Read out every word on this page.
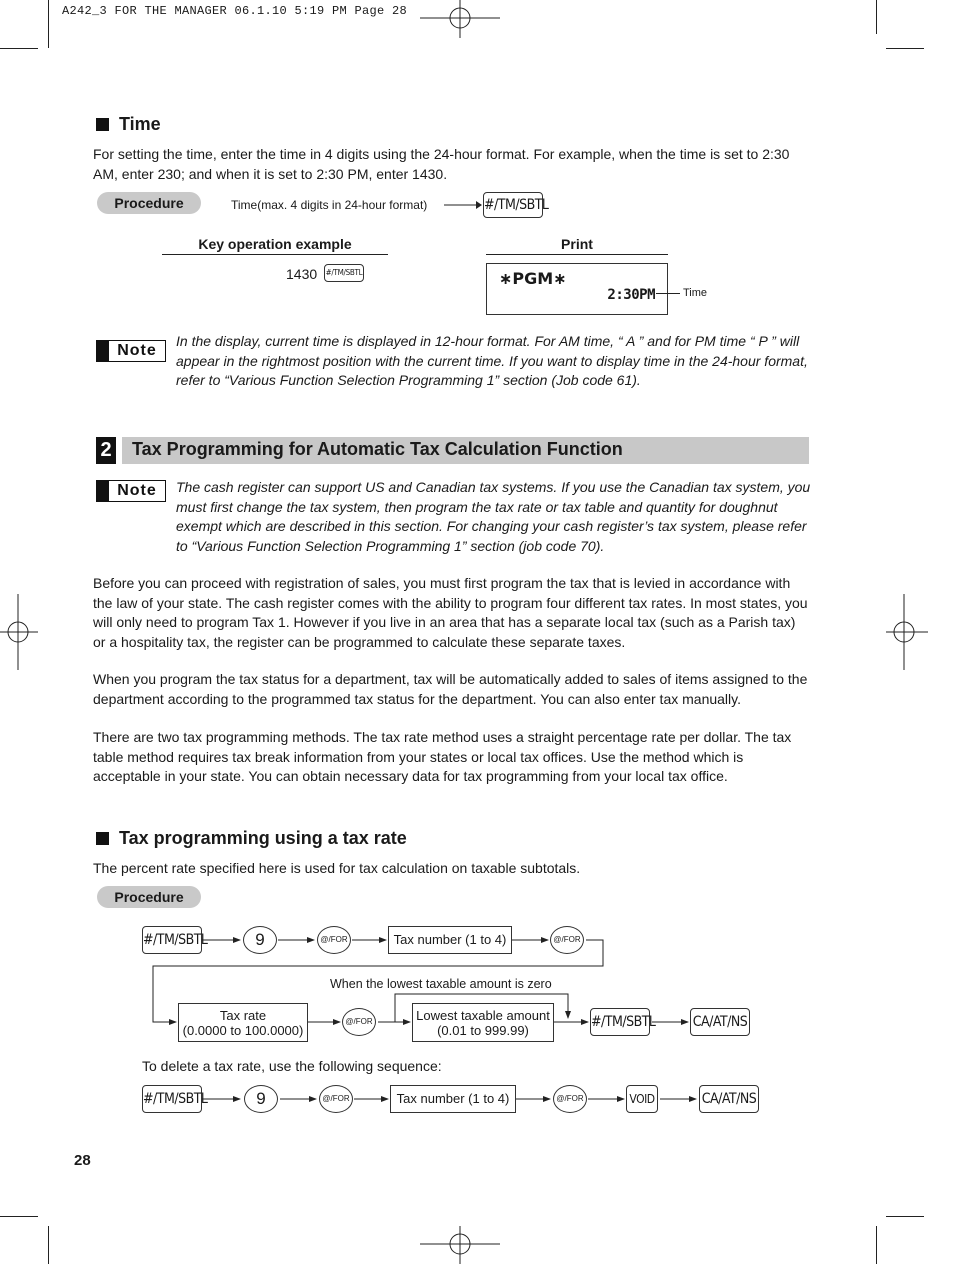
A242_3 FOR THE MANAGER 06.1.10 5:19 PM Page 28
Time
For setting the time, enter the time in 4 digits using the 24-hour format. For example, when the time is set to 2:30 AM, enter 230; and when it is set to 2:30 PM, enter 1430.
Procedure	Time(max. 4 digits in 24-hour format)	#/TM/SBTL
Key operation example	Print
1430 #/TM/SBTL	∗PGM∗
2:30PM	Time
Note
In the display, current time is displayed in 12-hour format. For AM time, “ A ” and for PM time “ P ” will appear in the rightmost position with the current time. If you want to display time in the 24-hour format, refer to “Various Function Selection Programming 1” section (Job code 61).
2 Tax Programming for Automatic Tax Calculation Function
Note	The cash register can support US and Canadian tax systems. If you use the Canadian tax system, you must first change the tax system, then program the tax rate or tax table and quantity for doughnut exempt which are described in this section. For changing your cash register’s tax system, please refer to “Various Function Selection Programming 1” section (job code 70).
Before you can proceed with registration of sales, you must first program the tax that is levied in accordance with the law of your state. The cash register comes with the ability to program four different tax rates. In most states, you will only need to program Tax 1. However if you live in an area that has a separate local tax (such as a Parish tax) or a hospitality tax, the register can be programmed to calculate these separate taxes.
When you program the tax status for a department, tax will be automatically added to sales of items assigned to the department according to the programmed tax status for the department. You can also enter tax manually.
There are two tax programming methods. The tax rate method uses a straight percentage rate per dollar. The tax table method requires tax break information from your states or local tax offices. Use the method which is acceptable in your state. You can obtain necessary data for tax programming from your local tax office.
Tax programming using a tax rate
The percent rate specified here is used for tax calculation on taxable subtotals.
Procedure
#/TM/SBTL	9	@/FOR	Tax number (1 to 4)	@/FOR
When the lowest taxable amount is zero
Tax rate
(0.0000 to 100.0000)
@/FOR	Lowest taxable amount
(0.01 to 999.99)
#/TM/SBTL	CA/AT/NS
To delete a tax rate, use the following sequence:
#/TM/SBTL	9	@/FOR	Tax number (1 to 4)	@/FOR	VOID	CA/AT/NS
28
